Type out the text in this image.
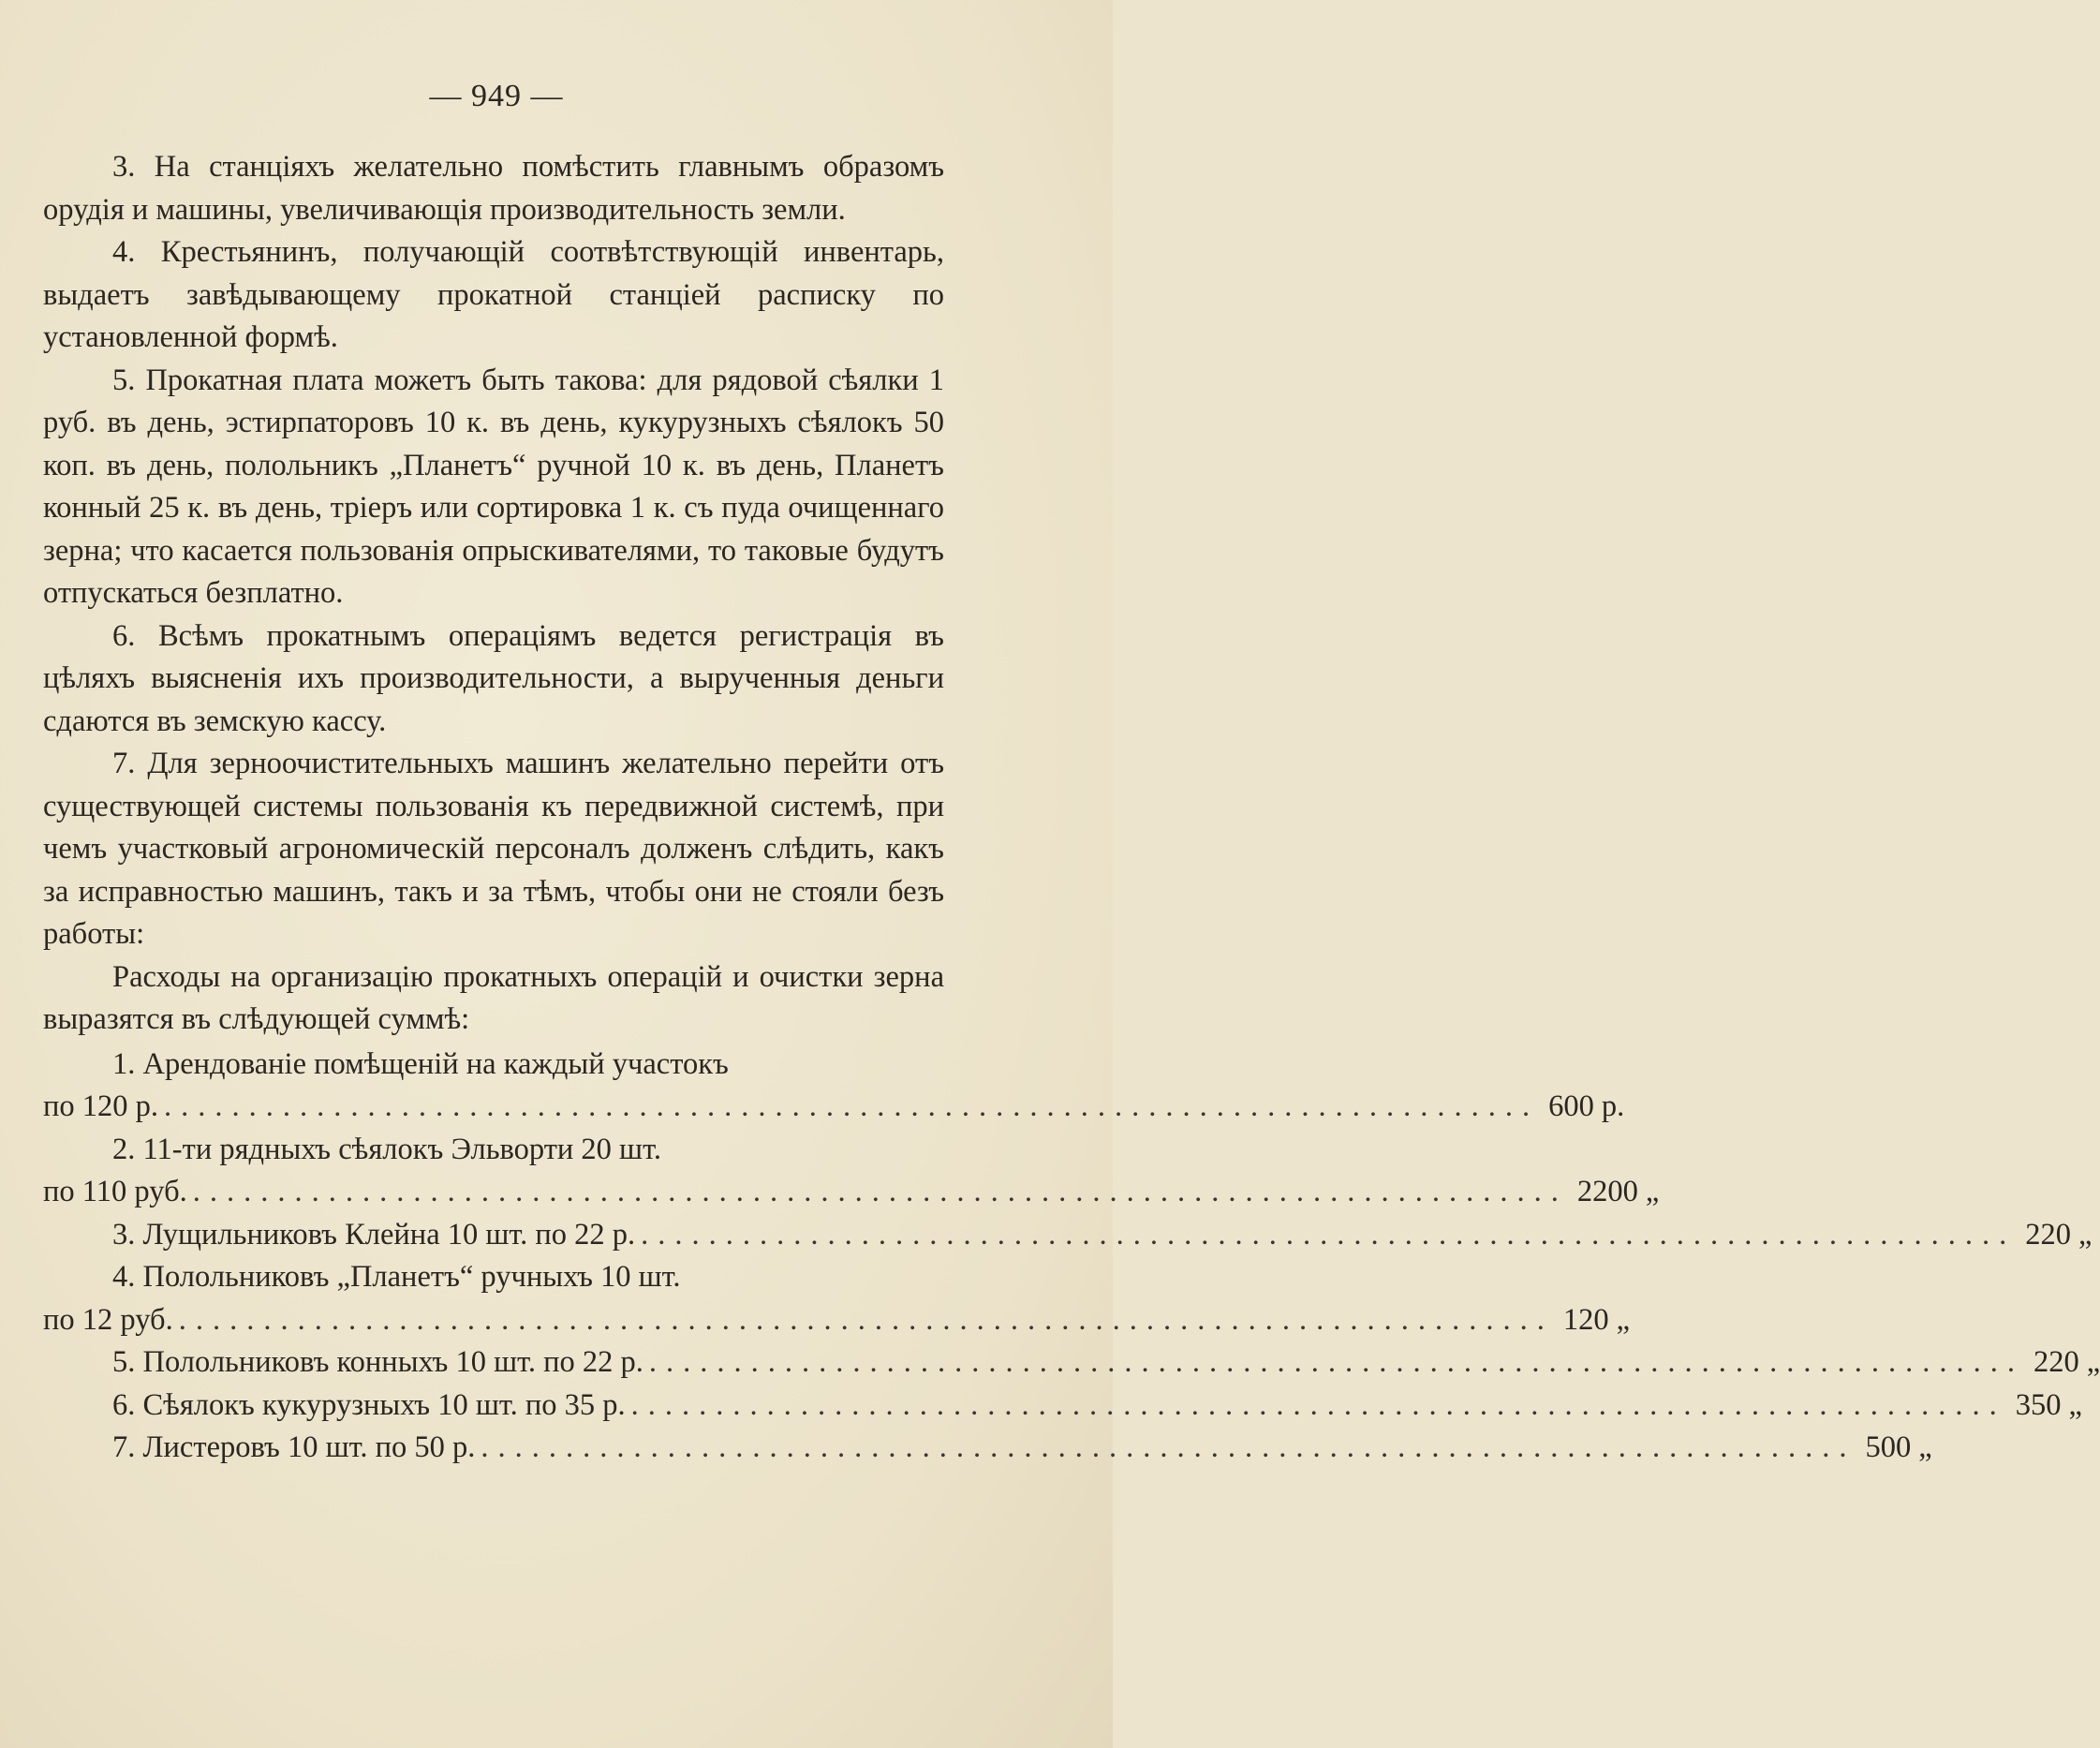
— 949 —

3. На станціяхъ желательно помѣстить главнымъ образомъ орудія и машины, увеличивающія производительность земли.

4. Крестьянинъ, получающій соотвѣтствующій инвентарь, выдаетъ завѣдывающему прокатной станціей расписку по установленной формѣ.

5. Прокатная плата можетъ быть такова: для рядовой сѣялки 1 руб. въ день, эстирпаторовъ 10 к. въ день, кукурузныхъ сѣялокъ 50 коп. въ день, полольникъ „Планетъ“ ручной 10 к. въ день, Планетъ конный 25 к. въ день, тріеръ или сортировка 1 к. съ пуда очищеннаго зерна; что касается пользованія опрыскивателями, то таковые будутъ отпускаться безплатно.

6. Всѣмъ прокатнымъ операціямъ ведется регистрація въ цѣляхъ выясненія ихъ производительности, а вырученныя деньги сдаются въ земскую кассу.

7. Для зерноочистительныхъ машинъ желательно перейти отъ существующей системы пользованія къ передвижной системѣ, при чемъ участковый агрономическій персоналъ долженъ слѣдить, какъ за исправностью машинъ, такъ и за тѣмъ, чтобы они не стояли безъ работы:

Расходы на организацію прокатныхъ операцій и очистки зерна выразятся въ слѣдующей суммѣ:

1. Арендованіе помѣщеній на каждый участокъ
по 120 р. ................................................................................. 600 р.
2. 11-ти рядныхъ сѣялокъ Эльворти 20 шт.
по 110 руб. ................................................................................. 2200 „
3. Лущильниковъ Клейна 10 шт. по 22 р. ................................................................................. 220 „
4. Полольниковъ „Планетъ“ ручныхъ 10 шт.
по 12 руб. ................................................................................. 120 „
5. Полольниковъ конныхъ 10 шт. по 22 р. ................................................................................. 220 „
6. Сѣялокъ кукурузныхъ 10 шт. по 35 р. ................................................................................. 350 „
7. Листеровъ 10 шт. по 50 р. ................................................................................. 500 „
